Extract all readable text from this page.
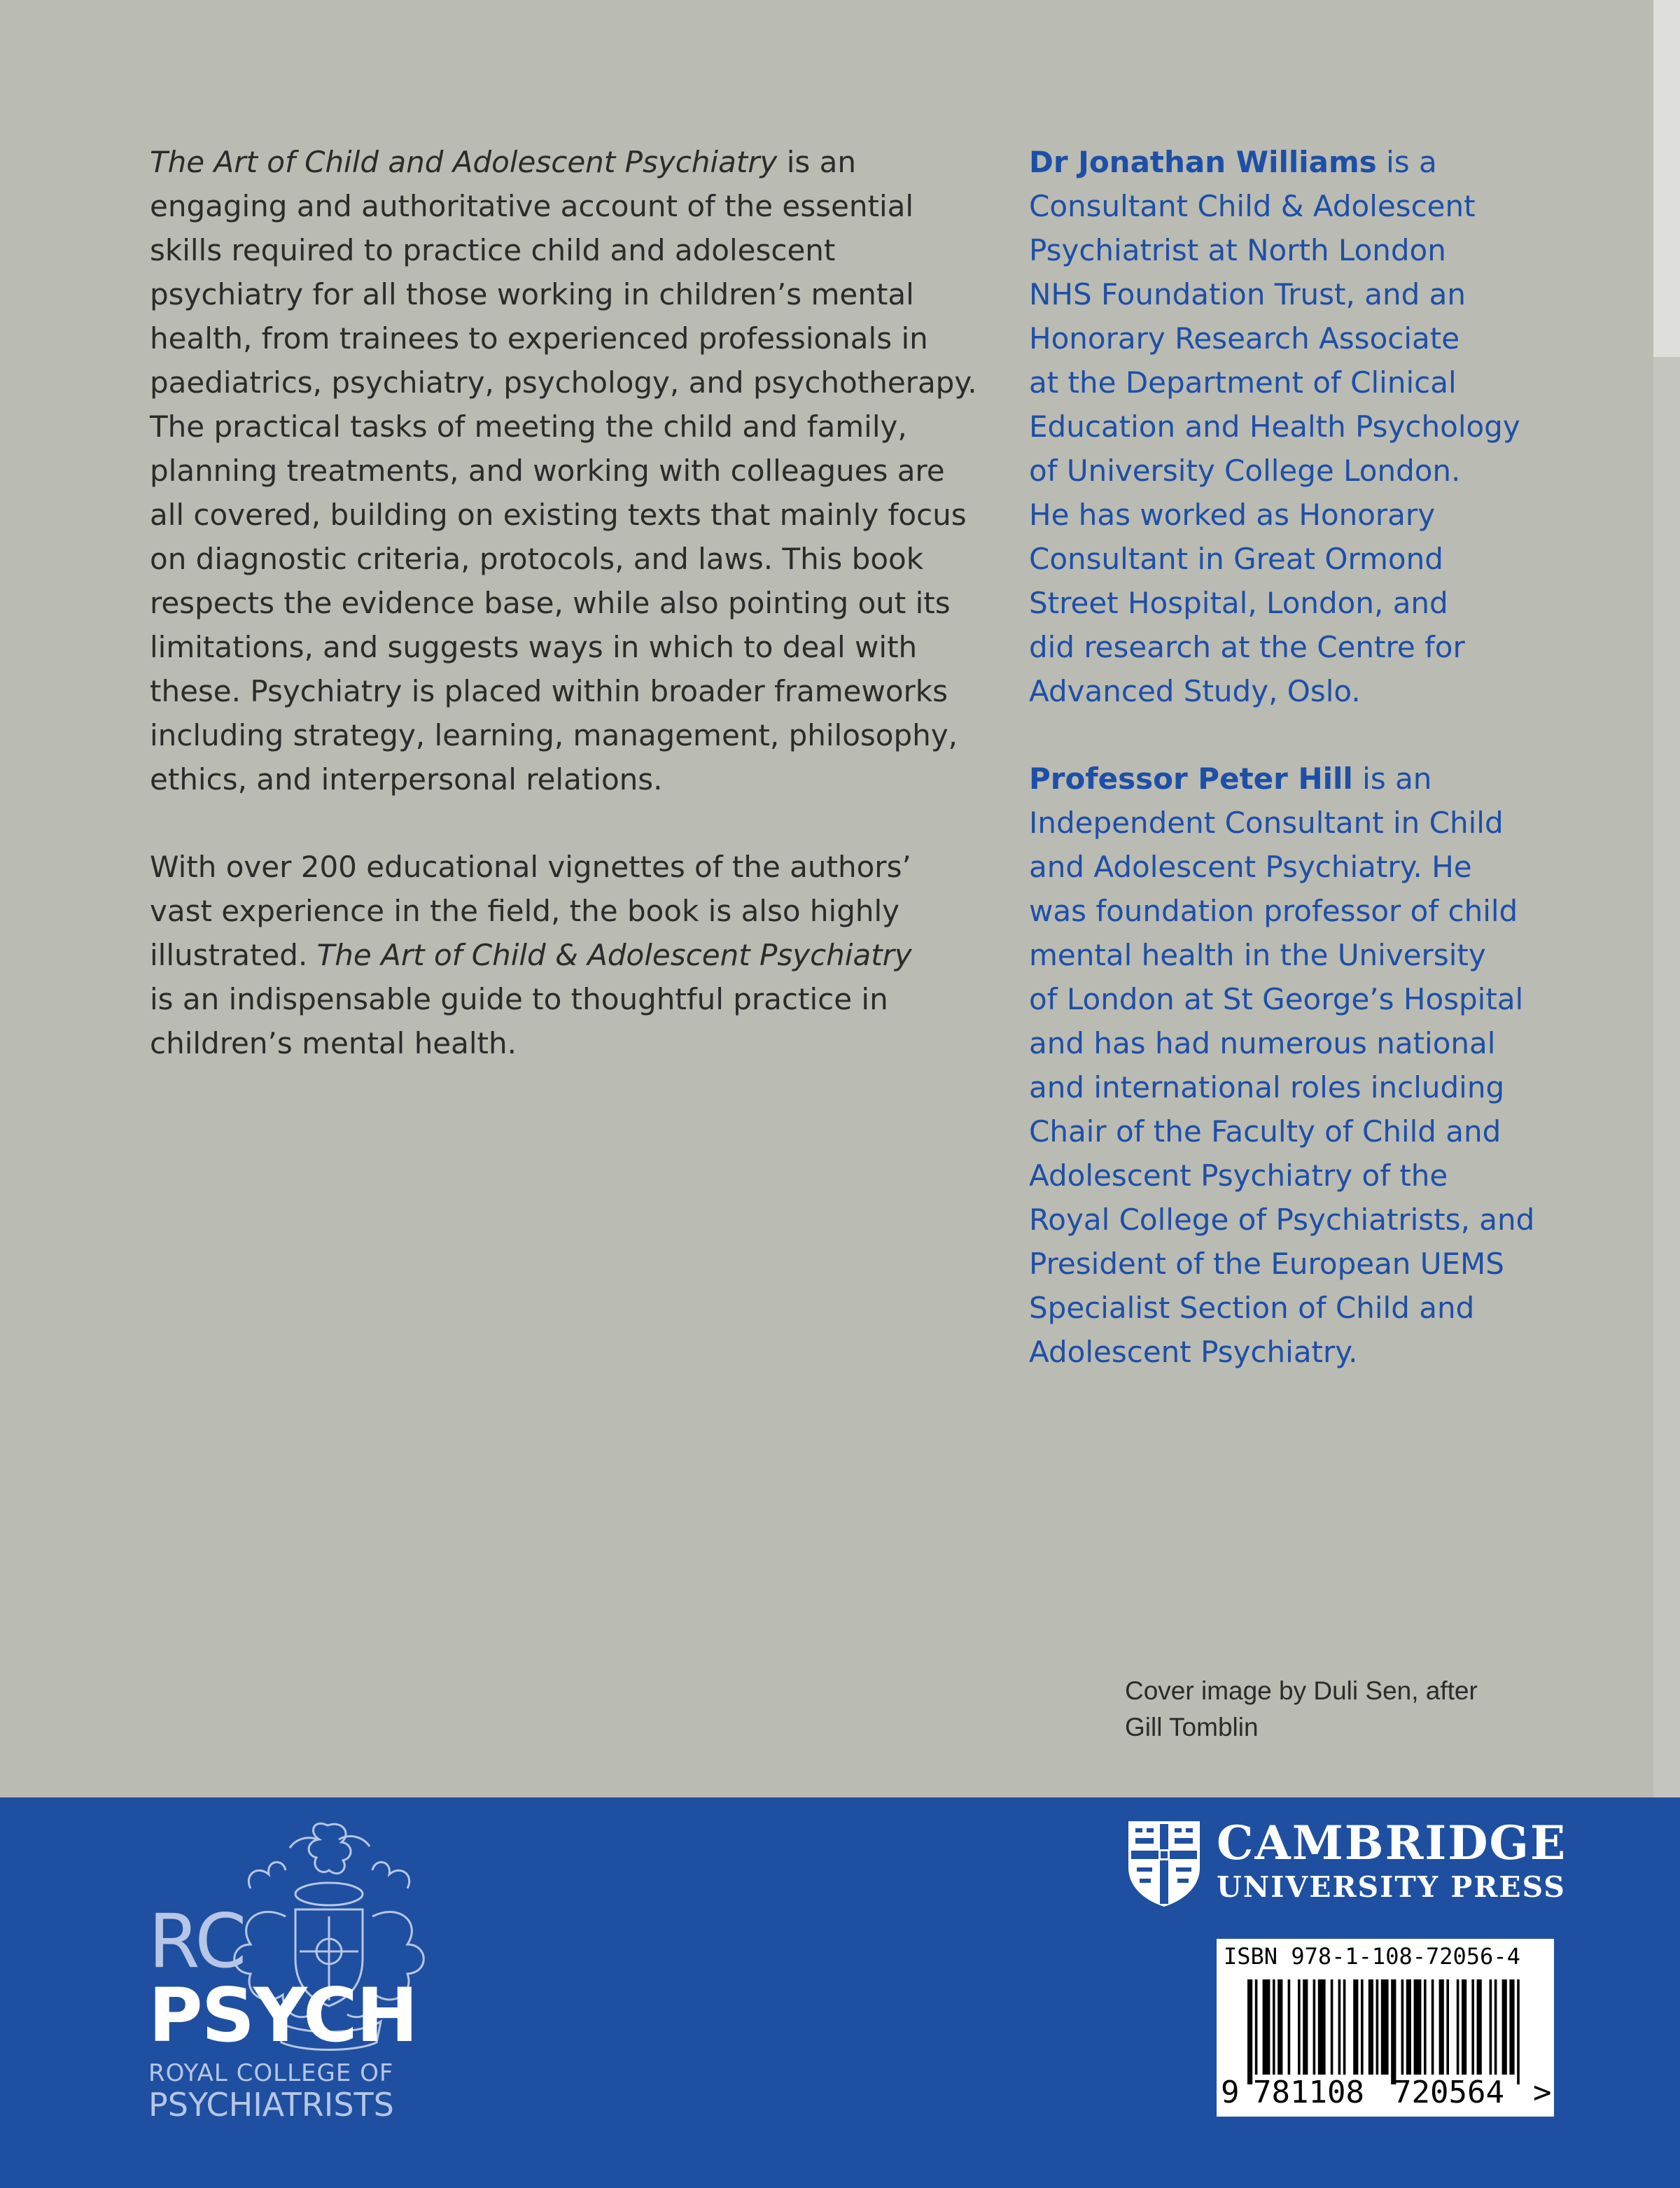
The Art of Child and Adolescent Psychiatry is an
engaging and authoritative account of the essential
skills required to practice child and adolescent
psychiatry for all those working in children’s mental
health, from trainees to experienced professionals in
paediatrics, psychiatry, psychology, and psychotherapy.
The practical tasks of meeting the child and family,
planning treatments, and working with colleagues are
all covered, building on existing texts that mainly focus
on diagnostic criteria, protocols, and laws. This book
respects the evidence base, while also pointing out its
limitations, and suggests ways in which to deal with
these. Psychiatry is placed within broader frameworks
including strategy, learning, management, philosophy,
ethics, and interpersonal relations.

With over 200 educational vignettes of the authors’
vast experience in the field, the book is also highly
illustrated. The Art of Child & Adolescent Psychiatry
is an indispensable guide to thoughtful practice in
children’s mental health.

Dr Jonathan Williams is a
Consultant Child & Adolescent
Psychiatrist at North London
NHS Foundation Trust, and an
Honorary Research Associate
at the Department of Clinical
Education and Health Psychology
of University College London.
He has worked as Honorary
Consultant in Great Ormond
Street Hospital, London, and
did research at the Centre for
Advanced Study, Oslo.

Professor Peter Hill is an
Independent Consultant in Child
and Adolescent Psychiatry. He
was foundation professor of child
mental health in the University
of London at St George’s Hospital
and has had numerous national
and international roles including
Chair of the Faculty of Child and
Adolescent Psychiatry of the
Royal College of Psychiatrists, and
President of the European UEMS
Specialist Section of Child and
Adolescent Psychiatry.

Cover image by Duli Sen, after
Gill Tomblin
RC
PSYCH
ROYAL COLLEGE OF
PSYCHIATRISTS
CAMBRIDGE
UNIVERSITY PRESS
ISBN 978-1-108-72056-4
9 781108 720564 >
